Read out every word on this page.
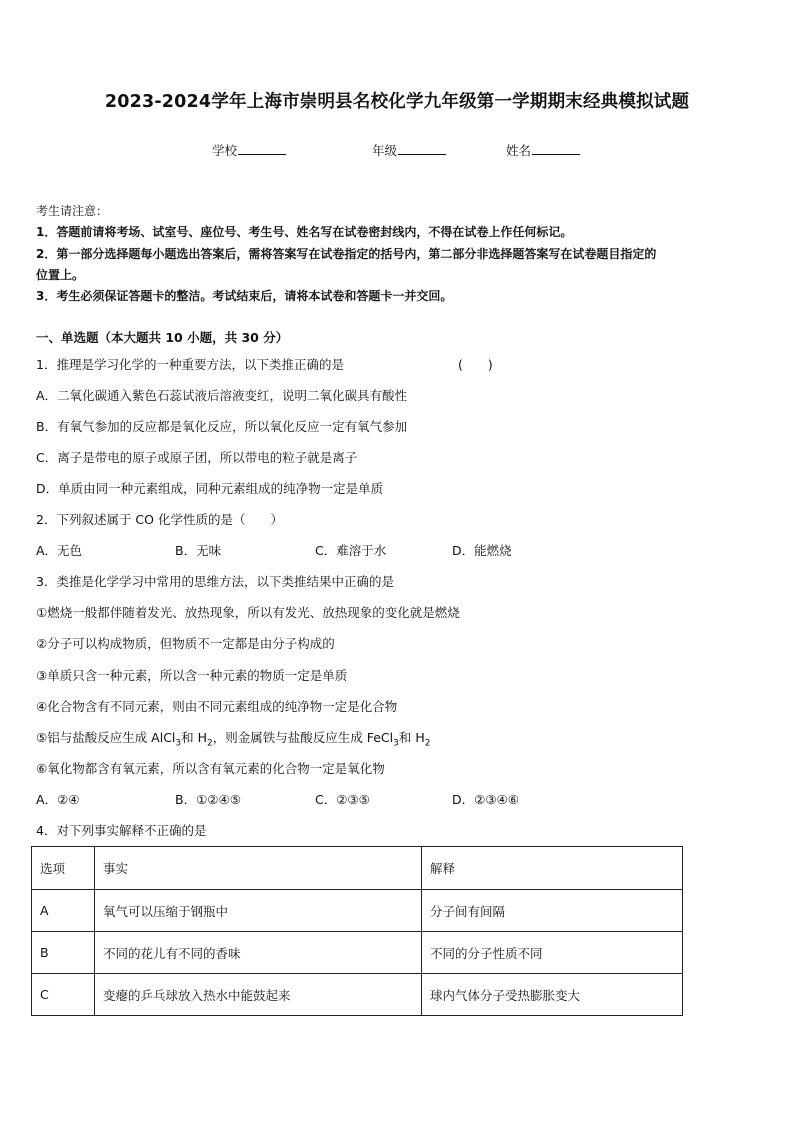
2023-2024学年上海市崇明县名校化学九年级第一学期期末经典模拟试题
学校	年级	姓名
考生请注意：
1．答题前请将考场、试室号、座位号、考生号、姓名写在试卷密封线内，不得在试卷上作任何标记。
2．第一部分选择题每小题选出答案后，需将答案写在试卷指定的括号内，第二部分非选择题答案写在试卷题目指定的
位置上。
3．考生必须保证答题卡的整洁。考试结束后，请将本试卷和答题卡一并交回。
一、单选题（本大题共 10 小题，共 30 分）
1．推理是学习化学的一种重要方法，以下类推正确的是	(　　)
A．二氧化碳通入紫色石蕊试液后溶液变红，说明二氧化碳具有酸性
B．有氧气参加的反应都是氧化反应，所以氧化反应一定有氧气参加
C．离子是带电的原子或原子团，所以带电的粒子就是离子
D．单质由同一种元素组成，同种元素组成的纯净物一定是单质
2．下列叙述属于 CO 化学性质的是（　　）
A．无色	B．无味	C．难溶于水	D．能燃烧
3．类推是化学学习中常用的思维方法，以下类推结果中正确的是
①燃烧一般都伴随着发光、放热现象，所以有发光、放热现象的变化就是燃烧
②分子可以构成物质，但物质不一定都是由分子构成的
③单质只含一种元素，所以含一种元素的物质一定是单质
④化合物含有不同元素，则由不同元素组成的纯净物一定是化合物
⑤铝与盐酸反应生成 AlCl$_3$和 $H_2$，则金属铁与盐酸反应生成 FeCl$_3$和 $H_2$
⑥氧化物都含有氧元素，所以含有氧元素的化合物一定是氧化物
A．②④	B．①②④⑤	C．②③⑤	D．②③④⑥
4．对下列事实解释不正确的是
选项	事实	解释
A	氧气可以压缩于钢瓶中	分子间有间隔
B	不同的花儿有不同的香味	不同的分子性质不同
C	变瘪的乒乓球放入热水中能鼓起来	球内气体分子受热膨胀变大
